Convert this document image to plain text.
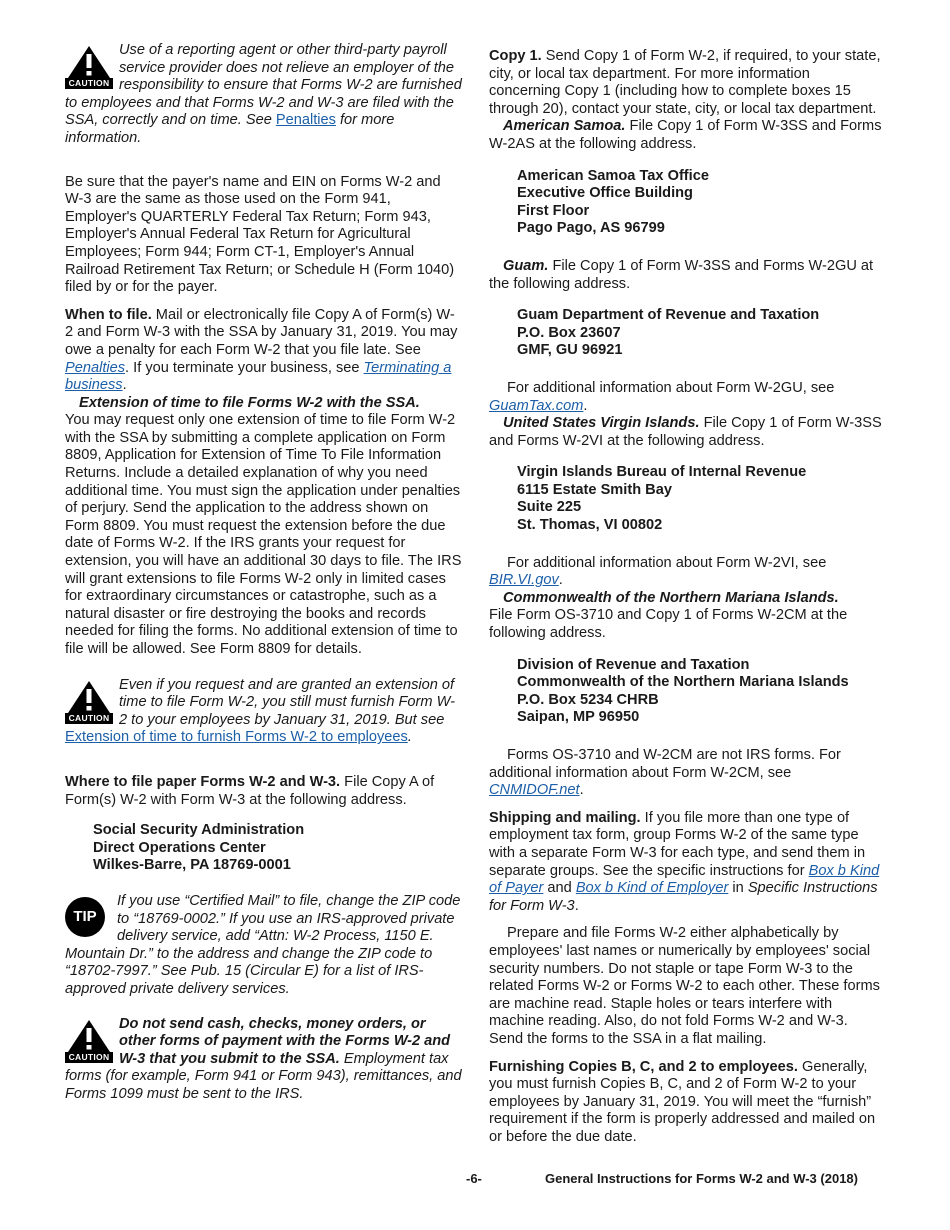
CAUTION
Use of a reporting agent or other third-party payroll service provider does not relieve an employer of the responsibility to ensure that Forms W-2 are furnished to employees and that Forms W-2 and W-3 are filed with the SSA, correctly and on time. See Penalties for more information.

Be sure that the payer's name and EIN on Forms W-2 and W-3 are the same as those used on the Form 941, Employer's QUARTERLY Federal Tax Return; Form 943, Employer's Annual Federal Tax Return for Agricultural Employees; Form 944; Form CT-1, Employer's Annual Railroad Retirement Tax Return; or Schedule H (Form 1040) filed by or for the payer.

When to file. Mail or electronically file Copy A of Form(s) W-2 and Form W-3 with the SSA by January 31, 2019. You may owe a penalty for each Form W-2 that you file late. See Penalties. If you terminate your business, see Terminating a business.

Extension of time to file Forms W-2 with the SSA.

You may request only one extension of time to file Form W-2 with the SSA by submitting a complete application on Form 8809, Application for Extension of Time To File Information Returns. Include a detailed explanation of why you need additional time. You must sign the application under penalties of perjury. Send the application to the address shown on Form 8809. You must request the extension before the due date of Forms W-2. If the IRS grants your request for extension, you will have an additional 30 days to file. The IRS will grant extensions to file Forms W-2 only in limited cases for extraordinary circumstances or catastrophe, such as a natural disaster or fire destroying the books and records needed for filing the forms. No additional extension of time to file will be allowed. See Form 8809 for details.

CAUTION
Even if you request and are granted an extension of time to file Form W-2, you still must furnish Form W-2 to your employees by January 31, 2019. But see Extension of time to furnish Forms W-2 to employees.

Where to file paper Forms W-2 and W-3. File Copy A of Form(s) W-2 with Form W-3 at the following address.

Social Security Administration
Direct Operations Center
Wilkes-Barre, PA 18769-0001
TIP
If you use “Certified Mail” to file, change the ZIP code to “18769-0002.” If you use an IRS-approved private delivery service, add “Attn: W-2 Process, 1150 E. Mountain Dr.” to the address and change the ZIP code to “18702-7997.” See Pub. 15 (Circular E) for a list of IRS-approved private delivery services.
CAUTION
Do not send cash, checks, money orders, or other forms of payment with the Forms W-2 and W-3 that you submit to the SSA. Employment tax forms (for example, Form 941 or Form 943), remittances, and Forms 1099 must be sent to the IRS.

Copy 1. Send Copy 1 of Form W-2, if required, to your state, city, or local tax department. For more information concerning Copy 1 (including how to complete boxes 15 through 20), contact your state, city, or local tax department.

American Samoa. File Copy 1 of Form W-3SS and Forms W-2AS at the following address.

American Samoa Tax Office
Executive Office Building
First Floor
Pago Pago, AS 96799

Guam. File Copy 1 of Form W-3SS and Forms W-2GU at the following address.

Guam Department of Revenue and Taxation
P.O. Box 23607
GMF, GU 96921

For additional information about Form W-2GU, see GuamTax.com.

United States Virgin Islands. File Copy 1 of Form W-3SS and Forms W-2VI at the following address.

Virgin Islands Bureau of Internal Revenue
6115 Estate Smith Bay
Suite 225
St. Thomas, VI 00802

For additional information about Form W-2VI, see BIR.VI.gov.

Commonwealth of the Northern Mariana Islands.

File Form OS-3710 and Copy 1 of Forms W-2CM at the following address.

Division of Revenue and Taxation
Commonwealth of the Northern Mariana Islands
P.O. Box 5234 CHRB
Saipan, MP 96950

Forms OS-3710 and W-2CM are not IRS forms. For additional information about Form W-2CM, see CNMIDOF.net.

Shipping and mailing. If you file more than one type of employment tax form, group Forms W-2 of the same type with a separate Form W-3 for each type, and send them in separate groups. See the specific instructions for Box b Kind of Payer and Box b Kind of Employer in Specific Instructions for Form W-3.

Prepare and file Forms W-2 either alphabetically by employees' last names or numerically by employees' social security numbers. Do not staple or tape Form W-3 to the related Forms W-2 or Forms W-2 to each other. These forms are machine read. Staple holes or tears interfere with machine reading. Also, do not fold Forms W-2 and W-3. Send the forms to the SSA in a flat mailing.

Furnishing Copies B, C, and 2 to employees. Generally, you must furnish Copies B, C, and 2 of Form W-2 to your employees by January 31, 2019. You will meet the “furnish” requirement if the form is properly addressed and mailed on or before the due date.

-6-	General Instructions for Forms W-2 and W-3 (2018)
